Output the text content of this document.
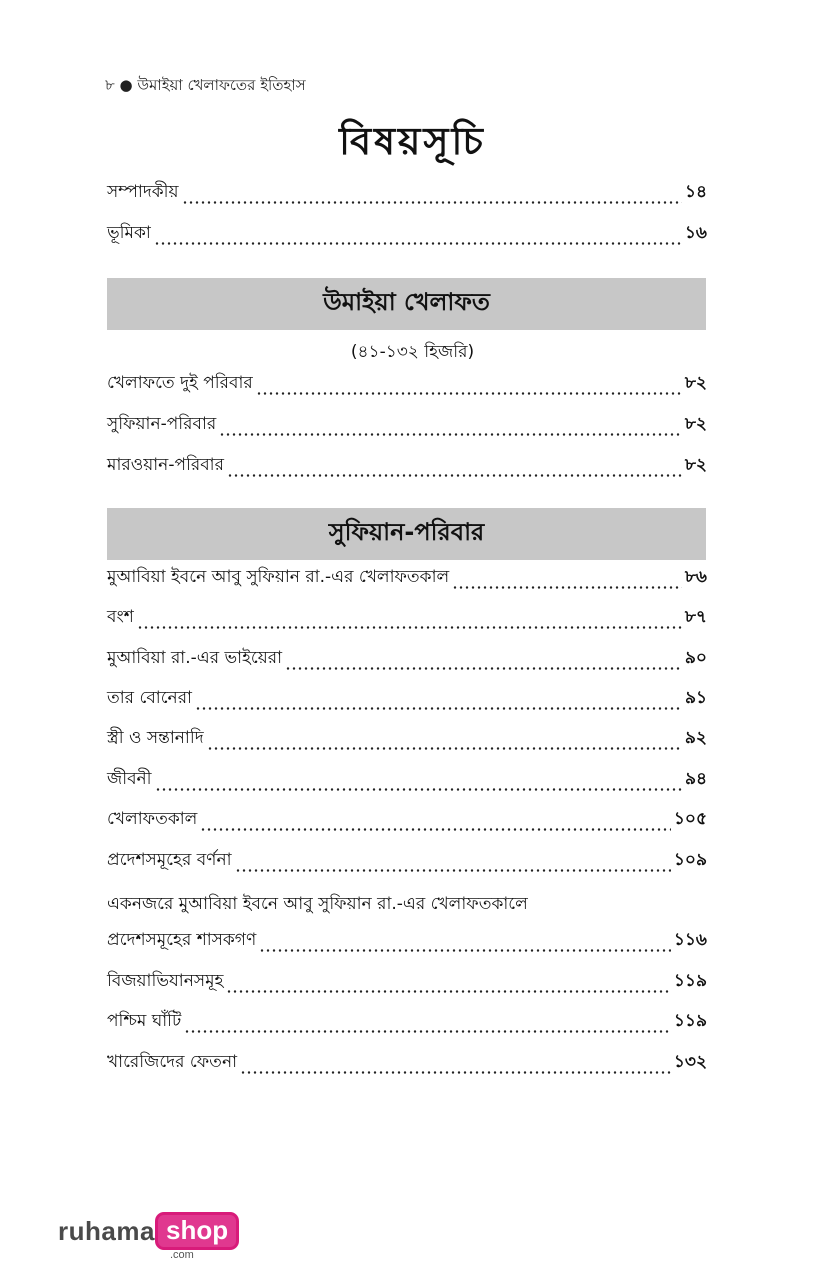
৮ ● উমাইয়া খেলাফতের ইতিহাস
বিষয়সূচি
সম্পাদকীয়	১৪
ভূমিকা	১৬
উমাইয়া খেলাফত
(৪১-১৩২ হিজরি)
খেলাফতে দুই পরিবার	৮২
সুফিয়ান-পরিবার	৮২
মারওয়ান-পরিবার	৮২
সুফিয়ান-পরিবার
মুআবিয়া ইবনে আবু সুফিয়ান রা.-এর খেলাফতকাল	৮৬
বংশ	৮৭
মুআবিয়া রা.-এর ভাইয়েরা	৯০
তার বোনেরা	৯১
স্ত্রী ও সন্তানাদি	৯২
জীবনী	৯৪
খেলাফতকাল	১০৫
প্রদেশসমূহের বর্ণনা	১০৯
একনজরে মুআবিয়া ইবনে আবু সুফিয়ান রা.-এর খেলাফতকালে
প্রদেশসমূহের শাসকগণ	১১৬
বিজয়াভিযানসমূহ	১১৯
পশ্চিম ঘাঁটি	১১৯
খারেজিদের ফেতনা	১৩২
ruhama shop
.com
